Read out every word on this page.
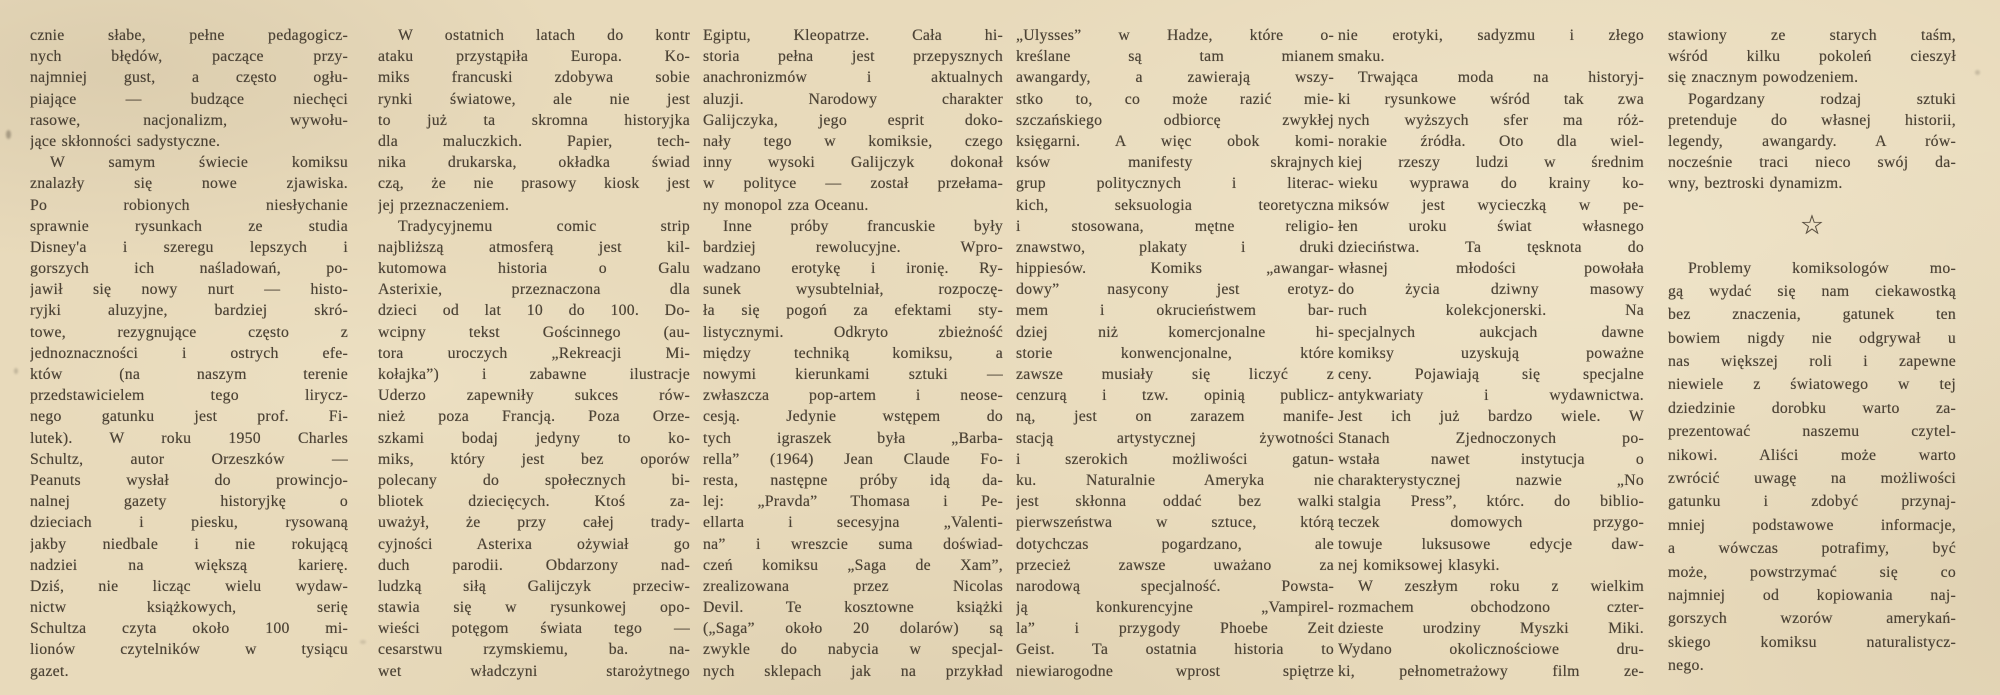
cznie słabe, pełne pedagogicz-
nych błędów, paczące przy-
najmniej gust, a często ogłu-
piające — budzące niechęci
rasowe, nacjonalizm, wywołu-
jące skłonności sadystyczne.
W samym świecie komiksu
znalazły się nowe zjawiska.
Po robionych niesłychanie
sprawnie rysunkach ze studia
Disney'a i szeregu lepszych i
gorszych ich naśladowań, po-
jawił się nowy nurt — histo-
ryjki aluzyjne, bardziej skró-
towe, rezygnujące często z
jednoznaczności i ostrych efe-
któw (na naszym terenie
przedstawicielem tego lirycz-
nego gatunku jest prof. Fi-
lutek). W roku 1950 Charles
Schultz, autor Orzeszków —
Peanuts wysłał do prowincjo-
nalnej gazety historyjkę o
dzieciach i piesku, rysowaną
jakby niedbale i nie rokującą
nadziei na większą karierę.
Dziś, nie licząc wielu wydaw-
nictw książkowych, serię
Schultza czyta około 100 mi-
lionów czytelników w tysiącu
gazet.
W ostatnich latach do kontr
ataku przystąpiła Europa. Ko-
miks francuski zdobywa sobie
rynki światowe, ale nie jest
to już ta skromna historyjka
dla maluczkich. Papier, tech-
nika drukarska, okładka świad
czą, że nie prasowy kiosk jest
jej przeznaczeniem.
Tradycyjnemu comic strip
najbliższą atmosferą jest kil-
kutomowa historia o Galu
Asterixie, przeznaczona dla
dzieci od lat 10 do 100. Do-
wcipny tekst Gościnnego (au-
tora uroczych „Rekreacji Mi-
kołajka”) i zabawne ilustracje
Uderzo zapewniły sukces rów-
nież poza Francją. Poza Orze-
szkami bodaj jedyny to ko-
miks, który jest bez oporów
polecany do społecznych bi-
bliotek dziecięcych. Ktoś za-
uważył, że przy całej trady-
cyjności Asterixa ożywiał go
duch parodii. Obdarzony nad-
ludzką siłą Galijczyk przeciw-
stawia się w rysunkowej opo-
wieści potęgom świata tego —
cesarstwu rzymskiemu, ba. na-
wet władczyni starożytnego
Egiptu, Kleopatrze. Cała hi-
storia pełna jest przepysznych
anachronizmów i aktualnych
aluzji. Narodowy charakter
Galijczyka, jego esprit doko-
nały tego w komiksie, czego
inny wysoki Galijczyk dokonał
w polityce — został przełama-
ny monopol zza Oceanu.
Inne próby francuskie były
bardziej rewolucyjne. Wpro-
wadzano erotykę i ironię. Ry-
sunek wysubtelniał, rozpoczę-
ła się pogoń za efektami sty-
listycznymi. Odkryto zbieżność
między techniką komiksu, a
nowymi kierunkami sztuki —
zwłaszcza pop-artem i neose-
cesją. Jedynie wstępem do
tych igraszek była „Barba-
rella” (1964) Jean Claude Fo-
resta, następne próby idą da-
lej: „Pravda” Thomasa i Pe-
ellarta i secesyjna „Valenti-
na” i wreszcie suma doświad-
czeń komiksu „Saga de Xam”,
zrealizowana przez Nicolas
Devil. Te kosztowne książki
(„Saga” około 20 dolarów) są
zwykle do nabycia w specjal-
nych sklepach jak na przykład
„Ulysses” w Hadze, które o-
kreślane są tam mianem
awangardy, a zawierają wszy-
stko to, co może razić mie-
szczańskiego odbiorcę zwykłej
księgarni. A więc obok komi-
ksów manifesty skrajnych
grup politycznych i literac-
kich, seksuologia teoretyczna
i stosowana, mętne religio-
znawstwo, plakaty i druki
hippiesów. Komiks „awangar-
dowy” nasycony jest erotyz-
mem i okrucieństwem bar-
dziej niż komercjonalne hi-
storie konwencjonalne, które
zawsze musiały się liczyć z
cenzurą i tzw. opinią publicz-
ną, jest on zarazem manife-
stacją artystycznej żywotności
i szerokich możliwości gatun-
ku. Naturalnie Ameryka nie
jest skłonna oddać bez walki
pierwszeństwa w sztuce, którą
dotychczas pogardzano, ale
przecież zawsze uważano za
narodową specjalność. Powsta-
ją konkurencyjne „Vampirel-
la” i przygody Phoebe Zeit
Geist. Ta ostatnia historia to
niewiarogodne wprost spiętrze
nie erotyki, sadyzmu i złego
smaku.
Trwająca moda na historyj-
ki rysunkowe wśród tak zwa
nych wyższych sfer ma róż-
norakie źródła. Oto dla wiel-
kiej rzeszy ludzi w średnim
wieku wyprawa do krainy ko-
miksów jest wycieczką w pe-
łen uroku świat własnego
dzieciństwa. Ta tęsknota do
własnej młodości powołała
do życia dziwny masowy
ruch kolekcjonerski. Na
specjalnych aukcjach dawne
komiksy uzyskują poważne
ceny. Pojawiają się specjalne
antykwariaty i wydawnictwa.
Jest ich już bardzo wiele. W
Stanach Zjednoczonych po-
wstała nawet instytucja o
charakterystycznej nazwie „No
stalgia Press”, którc. do biblio-
teczek domowych przygo-
towuje luksusowe edycje daw-
nej komiksowej klasyki.
W zeszłym roku z wielkim
rozmachem obchodzono czter-
dzieste urodziny Myszki Miki.
Wydano okolicznościowe dru-
ki, pełnometrażowy film ze-
stawiony ze starych taśm,
wśród kilku pokoleń cieszył
się znacznym powodzeniem.
Pogardzany rodzaj sztuki
pretenduje do własnej historii,
legendy, awangardy. A rów-
nocześnie traci nieco swój da-
wny, beztroski dynamizm.
☆
Problemy komiksologów mo-
gą wydać się nam ciekawostką
bez znaczenia, gatunek ten
bowiem nigdy nie odgrywał u
nas większej roli i zapewne
niewiele z światowego w tej
dziedzinie dorobku warto za-
prezentować naszemu czytel-
nikowi. Aliści może warto
zwrócić uwagę na możliwości
gatunku i zdobyć przynaj-
mniej podstawowe informacje,
a wówczas potrafimy, być
może, powstrzymać się co
najmniej od kopiowania naj-
gorszych wzorów amerykań-
skiego komiksu naturalistycz-
nego.
